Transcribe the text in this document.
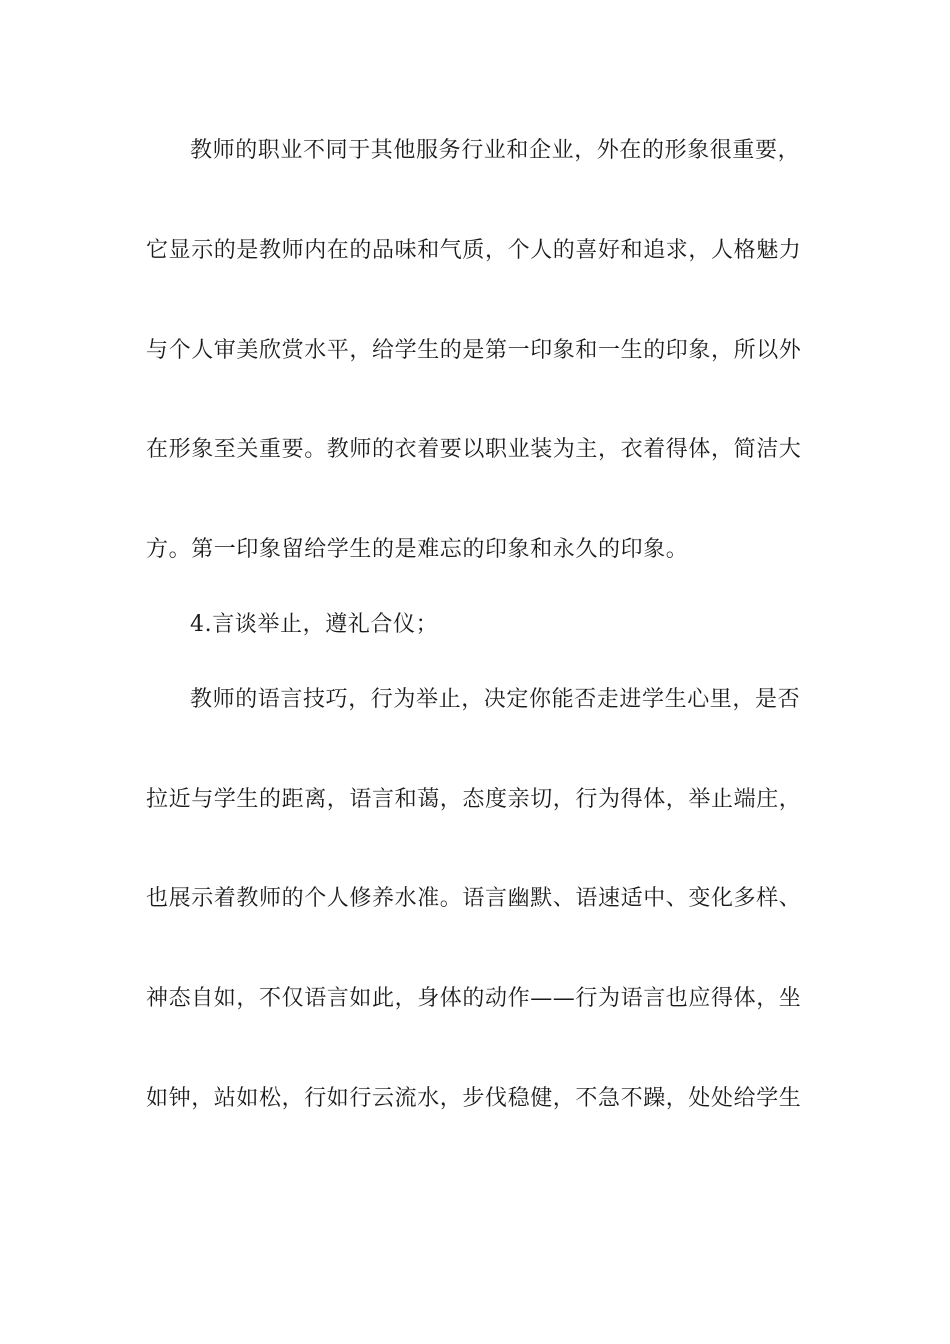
教师的职业不同于其他服务行业和企业，外在的形象很重要，
它显示的是教师内在的品味和气质，个人的喜好和追求，人格魅力
与个人审美欣赏水平，给学生的是第一印象和一生的印象，所以外
在形象至关重要。教师的衣着要以职业装为主，衣着得体，简洁大
方。第一印象留给学生的是难忘的印象和永久的印象。
4.言谈举止，遵礼合仪；
教师的语言技巧，行为举止，决定你能否走进学生心里，是否
拉近与学生的距离，语言和蔼，态度亲切，行为得体，举止端庄，
也展示着教师的个人修养水准。语言幽默、语速适中、变化多样、
神态自如，不仅语言如此，身体的动作——行为语言也应得体，坐
如钟，站如松，行如行云流水，步伐稳健，不急不躁，处处给学生
